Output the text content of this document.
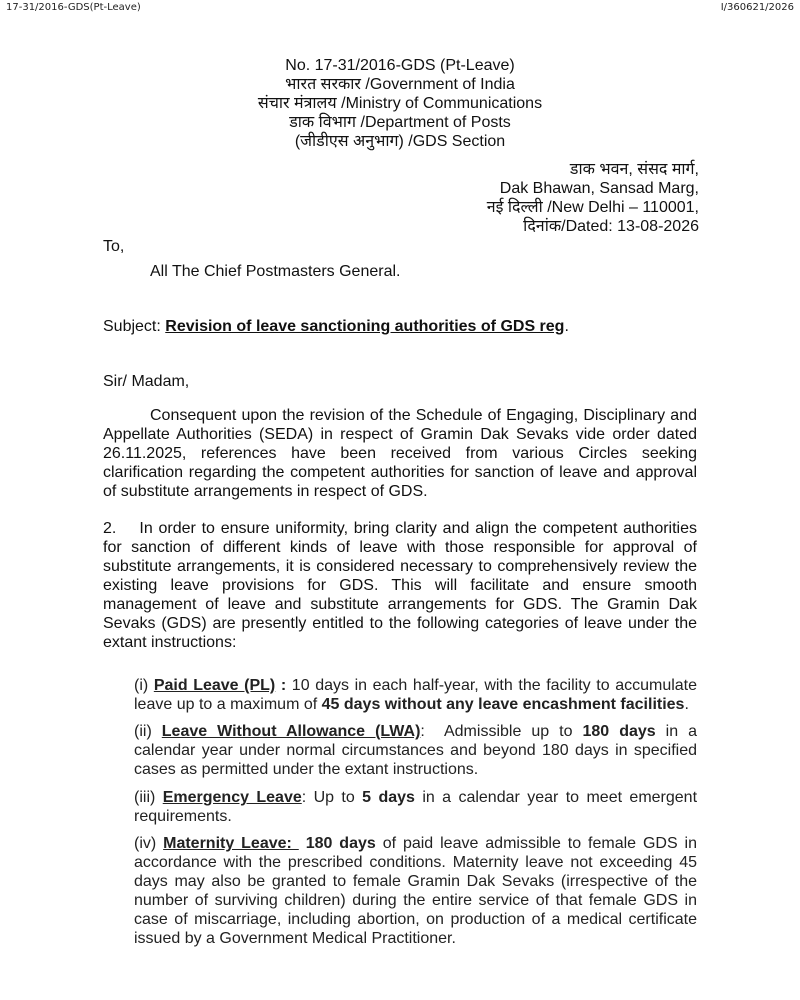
17-31/2016-GDS(Pt-Leave)	I/360621/2026
No. 17-31/2016-GDS (Pt-Leave)
भारत सरकार /Government of India
संचार मंत्रालय /Ministry of Communications
डाक विभाग /Department of Posts
(जीडीएस अनुभाग) /GDS Section
डाक भवन, संसद मार्ग,
Dak Bhawan, Sansad Marg,
नई दिल्ली /New Delhi – 110001,
दिनांक/Dated: 13-08-2026
To,
All The Chief Postmasters General.
Subject: Revision of leave sanctioning authorities of GDS reg.
Sir/ Madam,
Consequent upon the revision of the Schedule of Engaging, Disciplinary and
Appellate Authorities (SEDA) in respect of Gramin Dak Sevaks vide order dated
26.11.2025, references have been received from various Circles seeking
clarification regarding the competent authorities for sanction of leave and approval
of substitute arrangements in respect of GDS.
2.    In order to ensure uniformity, bring clarity and align the competent authorities
for sanction of different kinds of leave with those responsible for approval of
substitute arrangements, it is considered necessary to comprehensively review the
existing leave provisions for GDS. This will facilitate and ensure smooth
management of leave and substitute arrangements for GDS. The Gramin Dak
Sevaks (GDS) are presently entitled to the following categories of leave under the
extant instructions:
(i) Paid Leave (PL) : 10 days in each half-year, with the facility to accumulate
leave up to a maximum of 45 days without any leave encashment facilities.
(ii) Leave Without Allowance (LWA):  Admissible up to 180 days in a
calendar year under normal circumstances and beyond 180 days in specified
cases as permitted under the extant instructions.
(iii) Emergency Leave: Up to 5 days in a calendar year to meet emergent
requirements.
(iv) Maternity Leave:  180 days of paid leave admissible to female GDS in
accordance with the prescribed conditions. Maternity leave not exceeding 45
days may also be granted to female Gramin Dak Sevaks (irrespective of the
number of surviving children) during the entire service of that female GDS in
case of miscarriage, including abortion, on production of a medical certificate
issued by a Government Medical Practitioner.
